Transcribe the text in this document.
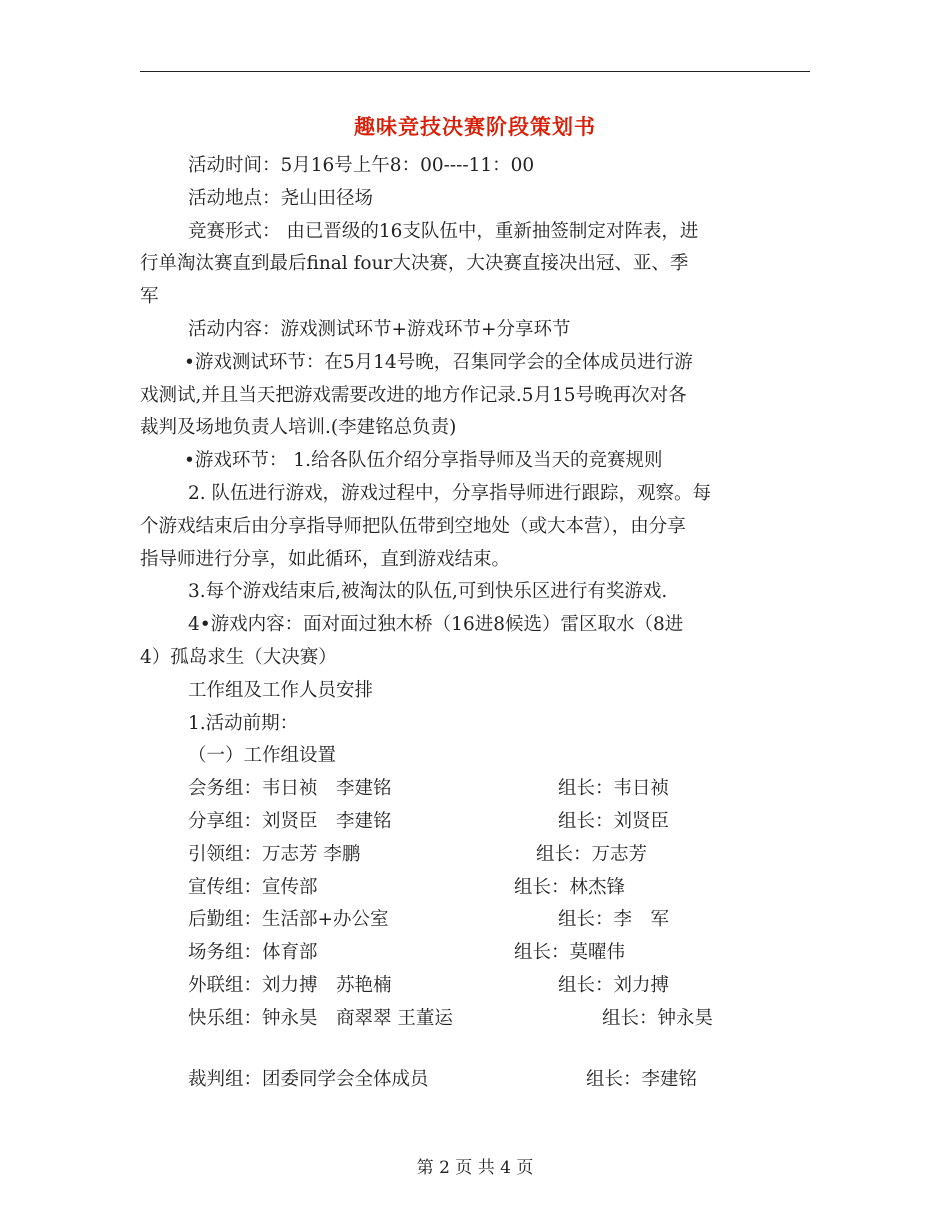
趣味竞技决赛阶段策划书

活动时间：5月16号上午8：00----11：00

活动地点：尧山田径场

竞赛形式： 由已晋级的16支队伍中，重新抽签制定对阵表，进

行单淘汰赛直到最后final four大决赛，大决赛直接决出冠、亚、季

军

活动内容：游戏测试环节+游戏环节+分享环节

•游戏测试环节：在5月14号晚，召集同学会的全体成员进行游

戏测试,并且当天把游戏需要改进的地方作记录.5月15号晚再次对各

裁判及场地负责人培训.(李建铭总负责)

•游戏环节： 1.给各队伍介绍分享指导师及当天的竞赛规则

2. 队伍进行游戏，游戏过程中，分享指导师进行跟踪，观察。每

个游戏结束后由分享指导师把队伍带到空地处（或大本营），由分享

指导师进行分享，如此循环，直到游戏结束。

3.每个游戏结束后,被淘汰的队伍,可到快乐区进行有奖游戏.

4•游戏内容：面对面过独木桥（16进8候选）雷区取水（8进

4）孤岛求生（大决赛）

工作组及工作人员安排

1.活动前期：

（一）工作组设置

会务组：韦日祯　李建铭	组长：韦日祯
分享组：刘贤臣　李建铭	组长：刘贤臣
引领组：万志芳 李鹏	组长：万志芳
宣传组：宣传部	组长：林杰锋
后勤组：生活部+办公室	组长：李　军
场务组：体育部	组长：莫曜伟
外联组：刘力搏　苏艳楠	组长：刘力搏
快乐组：钟永昊　商翠翠 王董运	组长：钟永昊
裁判组：团委同学会全体成员	组长：李建铭
第 2 页 共 4 页
